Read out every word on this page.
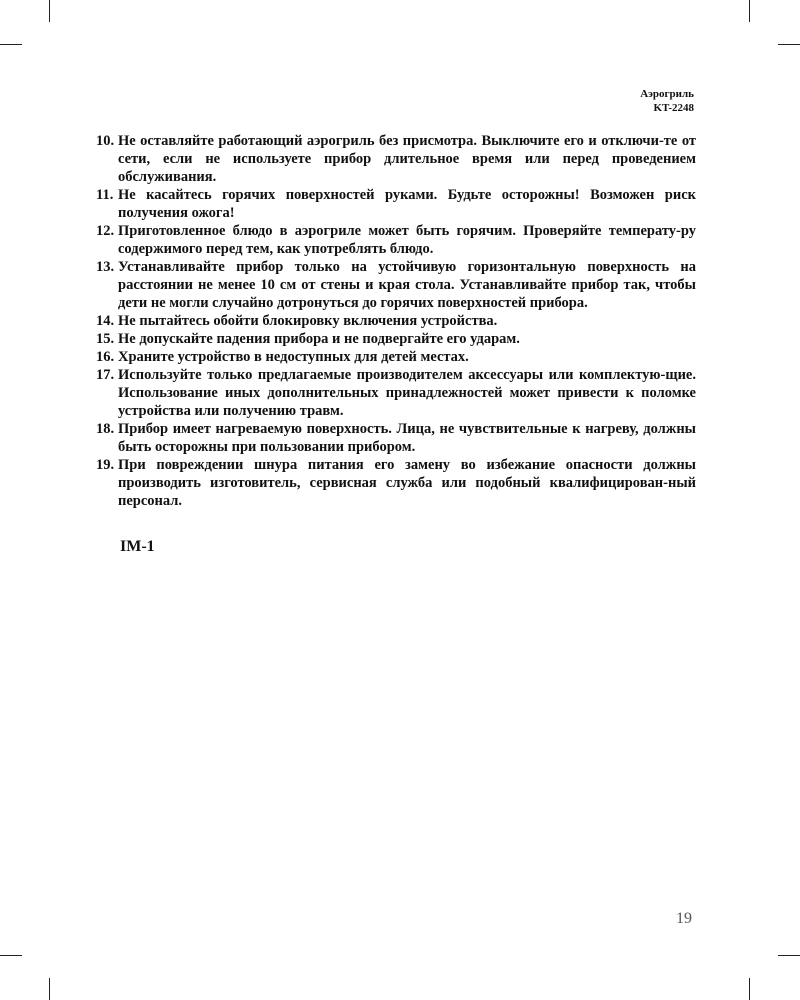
Аэрогриль
KT-2248
10. Не оставляйте работающий аэрогриль без присмотра. Выключите его и отключи-те от сети, если не используете прибор длительное время или перед проведением обслуживания.
11. Не касайтесь горячих поверхностей руками. Будьте осторожны! Возможен риск получения ожога!
12. Приготовленное блюдо в аэрогриле может быть горячим. Проверяйте температу-ру содержимого перед тем, как употреблять блюдо.
13. Устанавливайте прибор только на устойчивую горизонтальную поверхность на расстоянии не менее 10 см от стены и края стола. Устанавливайте прибор так, чтобы дети не могли случайно дотронуться до горячих поверхностей прибора.
14. Не пытайтесь обойти блокировку включения устройства.
15. Не допускайте падения прибора и не подвергайте его ударам.
16. Храните устройство в недоступных для детей местах.
17. Используйте только предлагаемые производителем аксессуары или комплектую-щие. Использование иных дополнительных принадлежностей может привести к поломке устройства или получению травм.
18. Прибор имеет нагреваемую поверхность. Лица, не чувствительные к нагреву, должны быть осторожны при пользовании прибором.
19. При повреждении шнура питания его замену во избежание опасности должны производить изготовитель, сервисная служба или подобный квалифицирован-ный персонал.
IM-1
19
